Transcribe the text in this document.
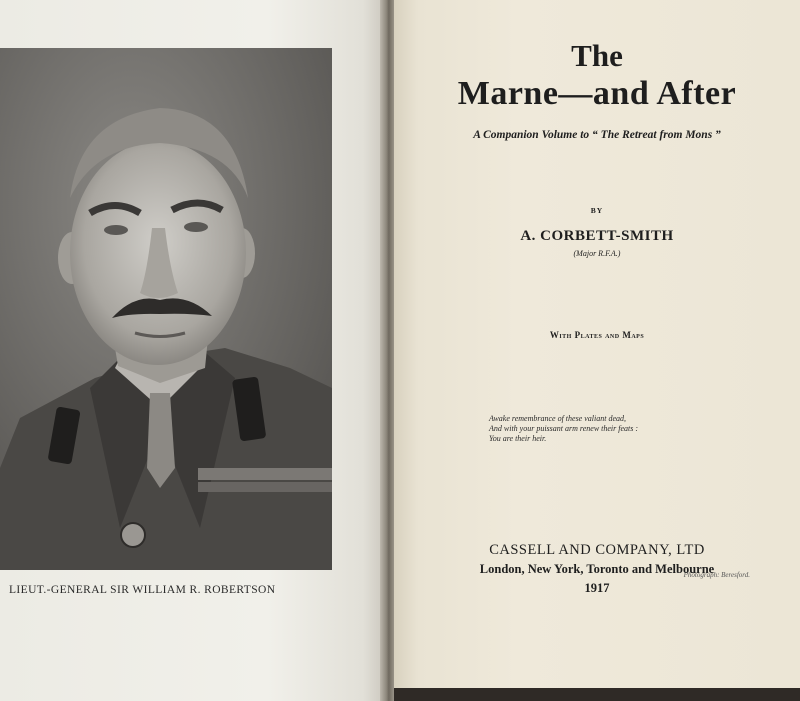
Photograph: Beresford.
LIEUT.-GENERAL SIR WILLIAM R. ROBERTSON
The
Marne—and After
A Companion Volume to “ The Retreat from Mons ”
BY
A. CORBETT-SMITH
(Major R.F.A.)
With Plates and Maps
Awake remembrance of these valiant dead,
And with your puissant arm renew their feats :
You are their heir.
CASSELL AND COMPANY, LTD
London, New York, Toronto and Melbourne
1917
